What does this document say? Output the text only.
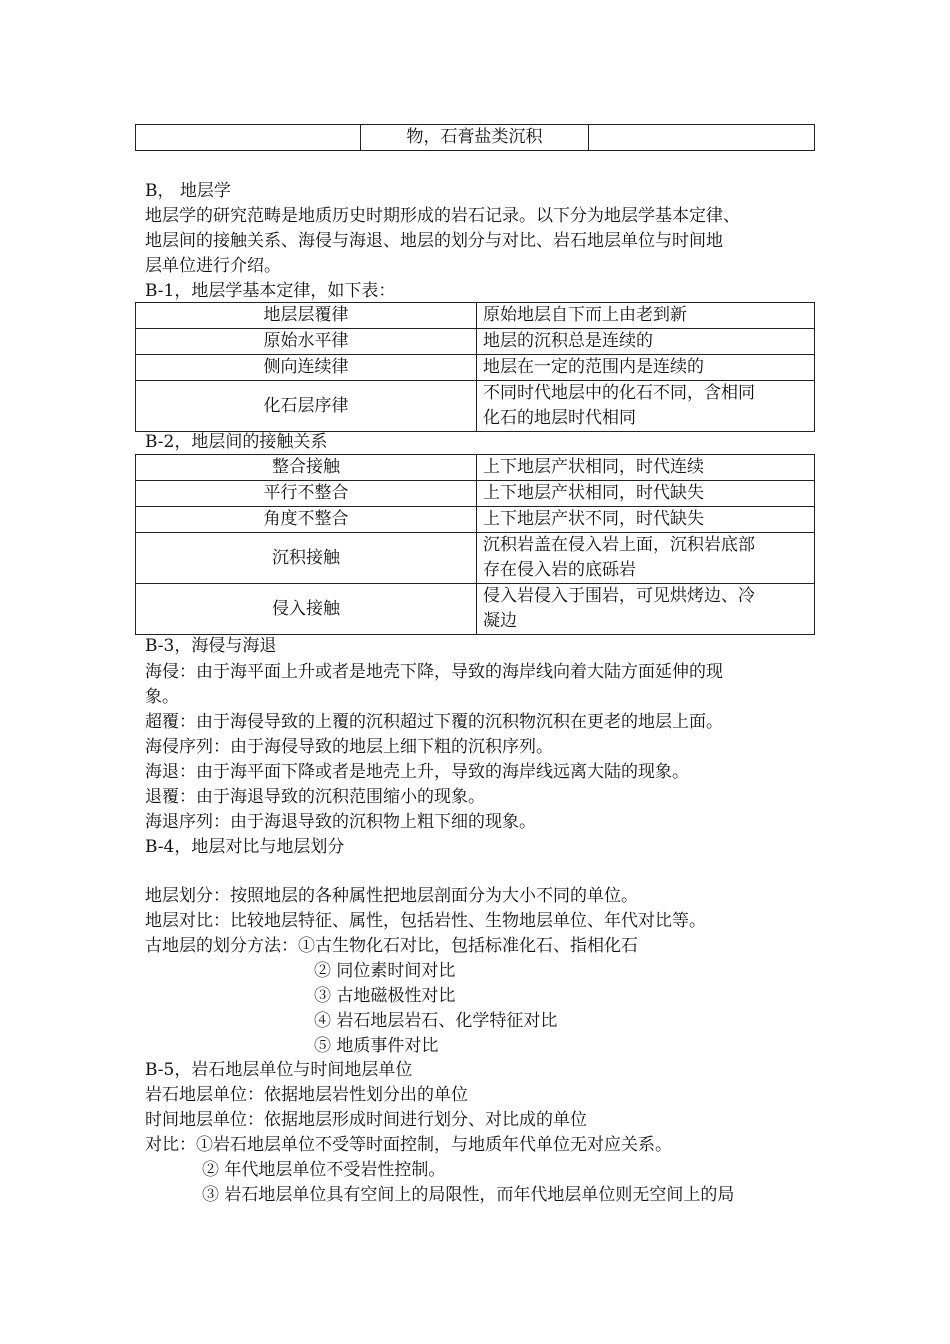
	物，石膏盐类沉积	
B， 地层学
地层学的研究范畴是地质历史时期形成的岩石记录。以下分为地层学基本定律、
地层间的接触关系、海侵与海退、地层的划分与对比、岩石地层单位与时间地
层单位进行介绍。
B-1，地层学基本定律，如下表：
地层层覆律	原始地层自下而上由老到新
原始水平律	地层的沉积总是连续的
侧向连续律	地层在一定的范围内是连续的
化石层序律	不同时代地层中的化石不同，含相同
化石的地层时代相同
B-2，地层间的接触关系
整合接触	上下地层产状相同，时代连续
平行不整合	上下地层产状相同，时代缺失
角度不整合	上下地层产状不同，时代缺失
沉积接触	沉积岩盖在侵入岩上面，沉积岩底部
存在侵入岩的底砾岩

侵入接触	侵入岩侵入于围岩，可见烘烤边、冷
凝边
B-3，海侵与海退
海侵：由于海平面上升或者是地壳下降，导致的海岸线向着大陆方面延伸的现
象。
超覆：由于海侵导致的上覆的沉积超过下覆的沉积物沉积在更老的地层上面。
海侵序列：由于海侵导致的地层上细下粗的沉积序列。
海退：由于海平面下降或者是地壳上升，导致的海岸线远离大陆的现象。
退覆：由于海退导致的沉积范围缩小的现象。
海退序列：由于海退导致的沉积物上粗下细的现象。
B-4，地层对比与地层划分
地层划分：按照地层的各种属性把地层剖面分为大小不同的单位。
地层对比：比较地层特征、属性，包括岩性、生物地层单位、年代对比等。
古地层的划分方法：①古生物化石对比，包括标准化石、指相化石
② 同位素时间对比
③ 古地磁极性对比
④ 岩石地层岩石、化学特征对比
⑤ 地质事件对比
B-5，岩石地层单位与时间地层单位
岩石地层单位：依据地层岩性划分出的单位
时间地层单位：依据地层形成时间进行划分、对比成的单位
对比：①岩石地层单位不受等时面控制，与地质年代单位无对应关系。
② 年代地层单位不受岩性控制。
③ 岩石地层单位具有空间上的局限性，而年代地层单位则无空间上的局
